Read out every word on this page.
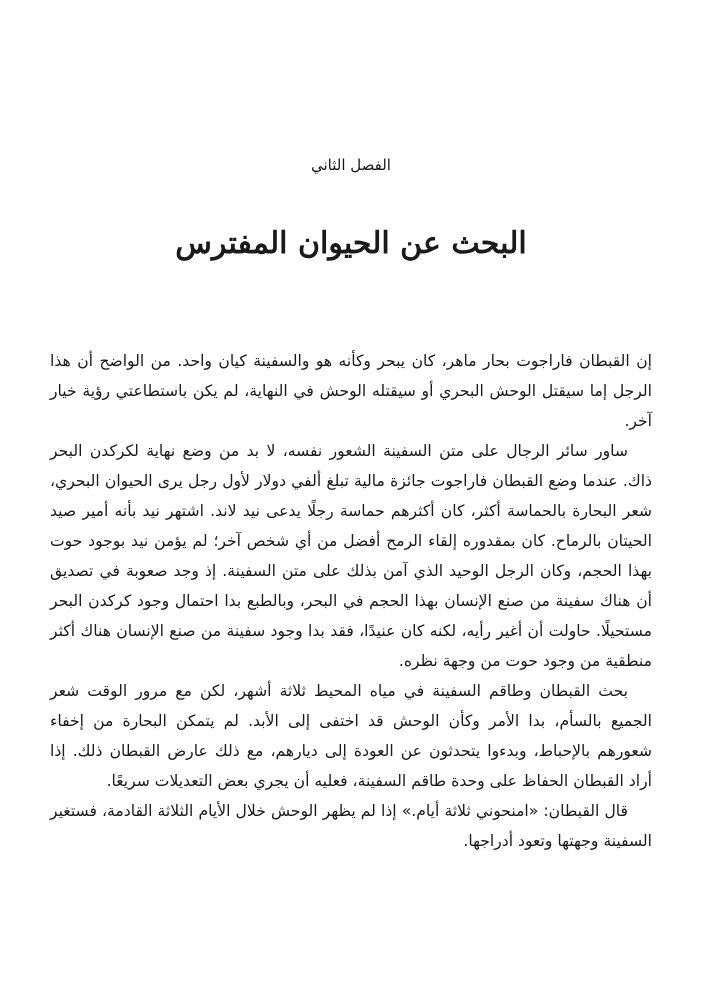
الفصل الثاني
البحث عن الحيوان المفترس

إن القبطان فاراجوت بحار ماهر، كان يبحر وكأنه هو والسفينة كيان واحد. من الواضح أن هذا الرجل إما سيقتل الوحش البحري أو سيقتله الوحش في النهاية، لم يكن باستطاعتي رؤية خيار آخر.

ساور سائر الرجال على متن السفينة الشعور نفسه، لا بد من وضع نهاية لكركدن البحر ذاك. عندما وضع القبطان فاراجوت جائزة مالية تبلغ ألفي دولار لأول رجل يرى الحيوان البحري، شعر البحارة بالحماسة أكثر، كان أكثرهم حماسة رجلًا يدعى نيد لاند. اشتهر نيد بأنه أمير صيد الحيتان بالرماح. كان بمقدوره إلقاء الرمح أفضل من أي شخص آخر؛ لم يؤمن نيد بوجود حوت بهذا الحجم، وكان الرجل الوحيد الذي آمن بذلك على متن السفينة. إذ وجد صعوبة في تصديق أن هناك سفينة من صنع الإنسان بهذا الحجم في البحر، وبالطبع بدا احتمال وجود كركدن البحر مستحيلًا. حاولت أن أغير رأيه، لكنه كان عنيدًا، فقد بدا وجود سفينة من صنع الإنسان هناك أكثر منطقية من وجود حوت من وجهة نظره.

بحث القبطان وطاقم السفينة في مياه المحيط ثلاثة أشهر، لكن مع مرور الوقت شعر الجميع بالسأم، بدا الأمر وكأن الوحش قد اختفى إلى الأبد. لم يتمكن البحارة من إخفاء شعورهم بالإحباط، وبدءوا يتحدثون عن العودة إلى ديارهم، مع ذلك عارض القبطان ذلك. إذا أراد القبطان الحفاظ على وحدة طاقم السفينة، فعليه أن يجري بعض التعديلات سريعًا.

قال القبطان: «امنحوني ثلاثة أيام.» إذا لم يظهر الوحش خلال الأيام الثلاثة القادمة، فستغير السفينة وجهتها وتعود أدراجها.
